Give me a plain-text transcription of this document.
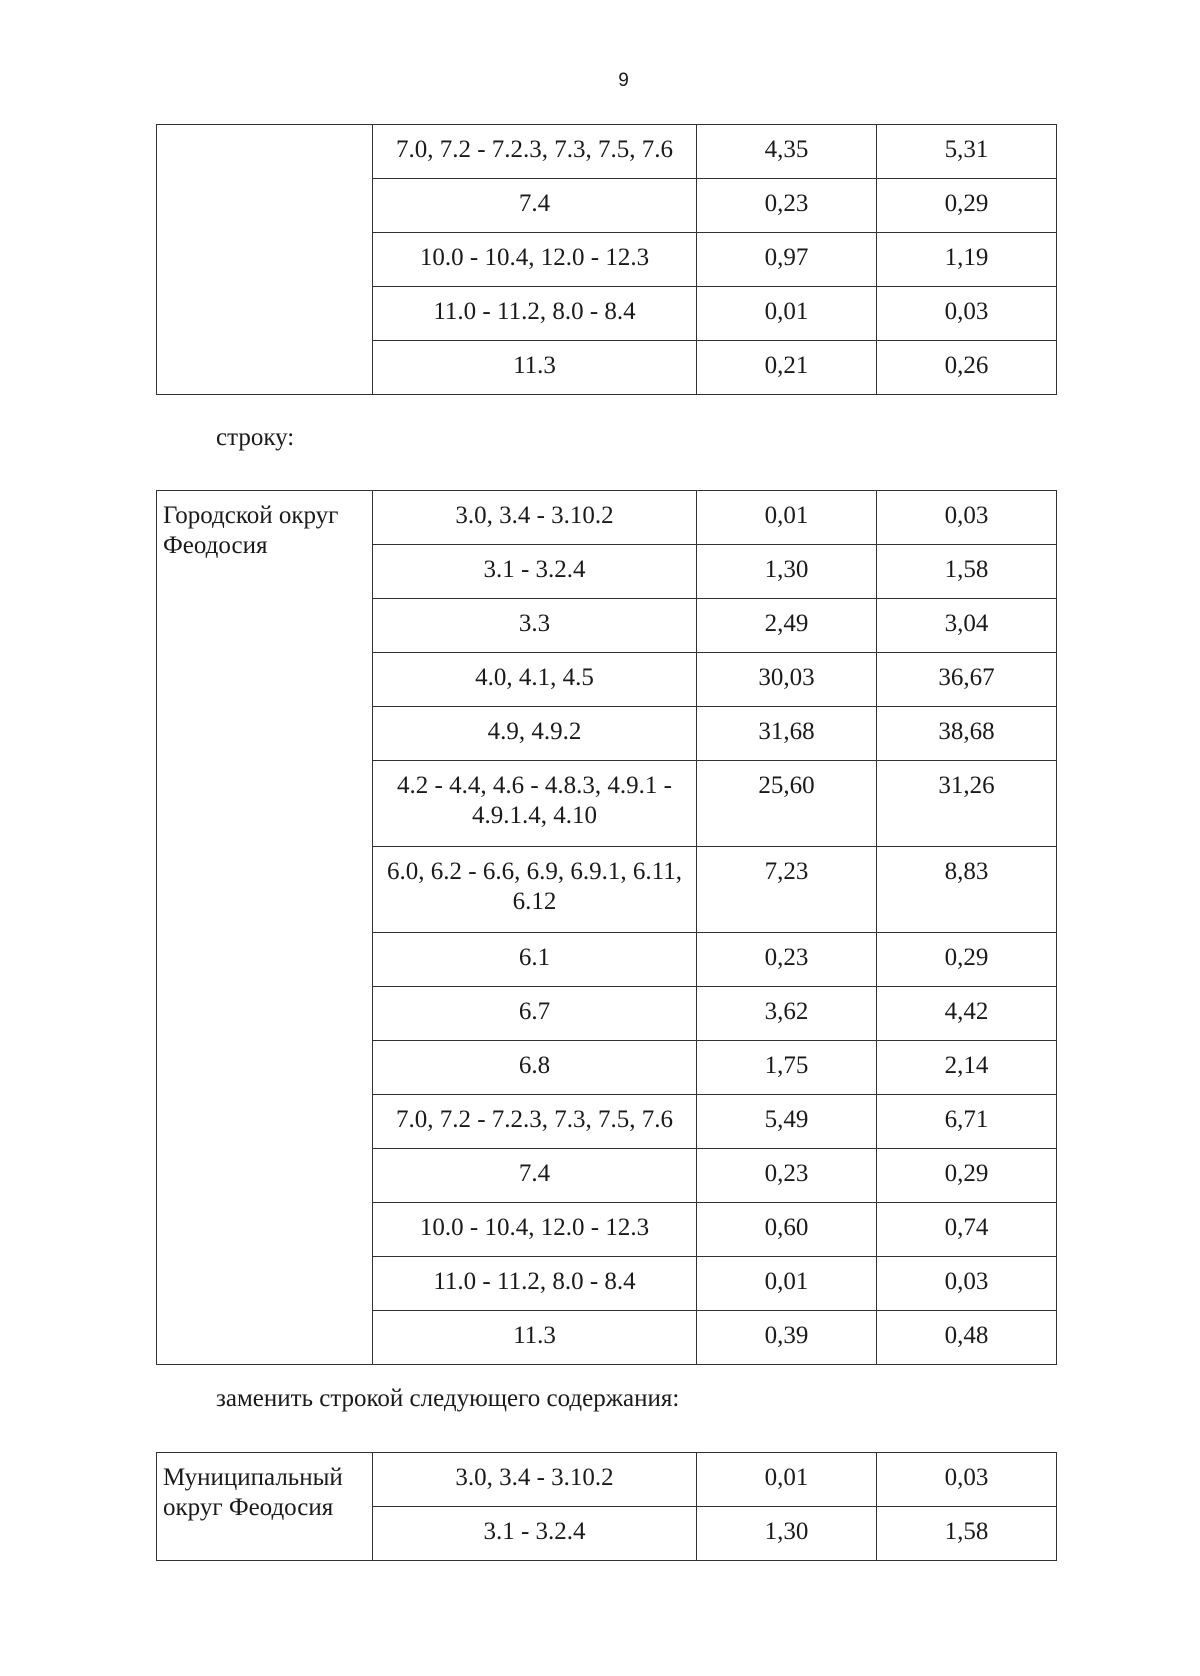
9
	7.0, 7.2 - 7.2.3, 7.3, 7.5, 7.6	4,35	5,31
	7.4	0,23	0,29
	10.0 - 10.4, 12.0 - 12.3	0,97	1,19
	11.0 - 11.2, 8.0 - 8.4	0,01	0,03
	11.3	0,21	0,26
строку:
Городской округ Феодосия	3.0, 3.4 - 3.10.2	0,01	0,03
	3.1 - 3.2.4	1,30	1,58
	3.3	2,49	3,04
	4.0, 4.1, 4.5	30,03	36,67
	4.9, 4.9.2	31,68	38,68
	4.2 - 4.4, 4.6 - 4.8.3, 4.9.1 - 4.9.1.4, 4.10	25,60	31,26
	6.0, 6.2 - 6.6, 6.9, 6.9.1, 6.11, 6.12	7,23	8,83
	6.1	0,23	0,29
	6.7	3,62	4,42
	6.8	1,75	2,14
	7.0, 7.2 - 7.2.3, 7.3, 7.5, 7.6	5,49	6,71
	7.4	0,23	0,29
	10.0 - 10.4, 12.0 - 12.3	0,60	0,74
	11.0 - 11.2, 8.0 - 8.4	0,01	0,03
	11.3	0,39	0,48
заменить строкой следующего содержания:
Муниципальный округ Феодосия	3.0, 3.4 - 3.10.2	0,01	0,03
	3.1 - 3.2.4	1,30	1,58
